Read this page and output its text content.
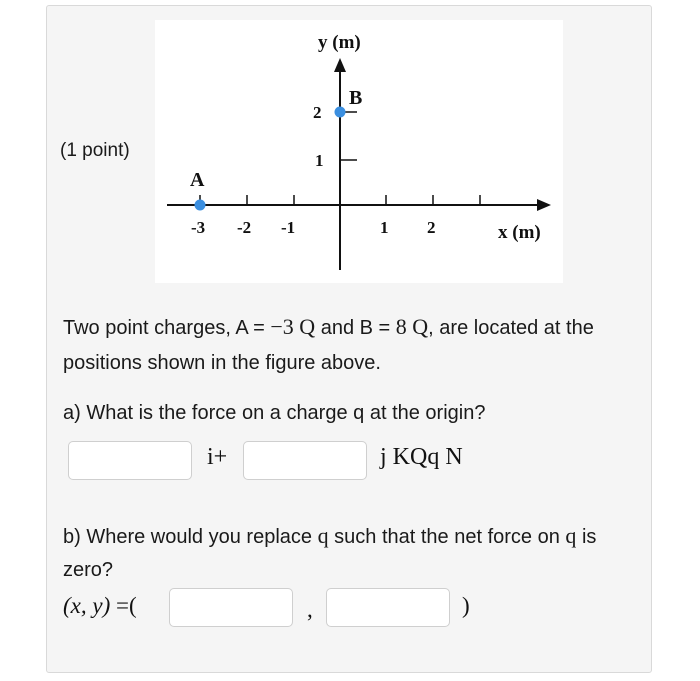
(1 point)
-3 -2 -1	1 2
1
2
y (m)
x (m)
A
B
Two point charges, A = −3 Q and B = 8 Q, are located at the positions shown in the figure above.
a) What is the force on a charge q at the origin?
i+	j KQq N
b) Where would you replace q such that the net force on q is zero?
(x, y) =(	,	)
